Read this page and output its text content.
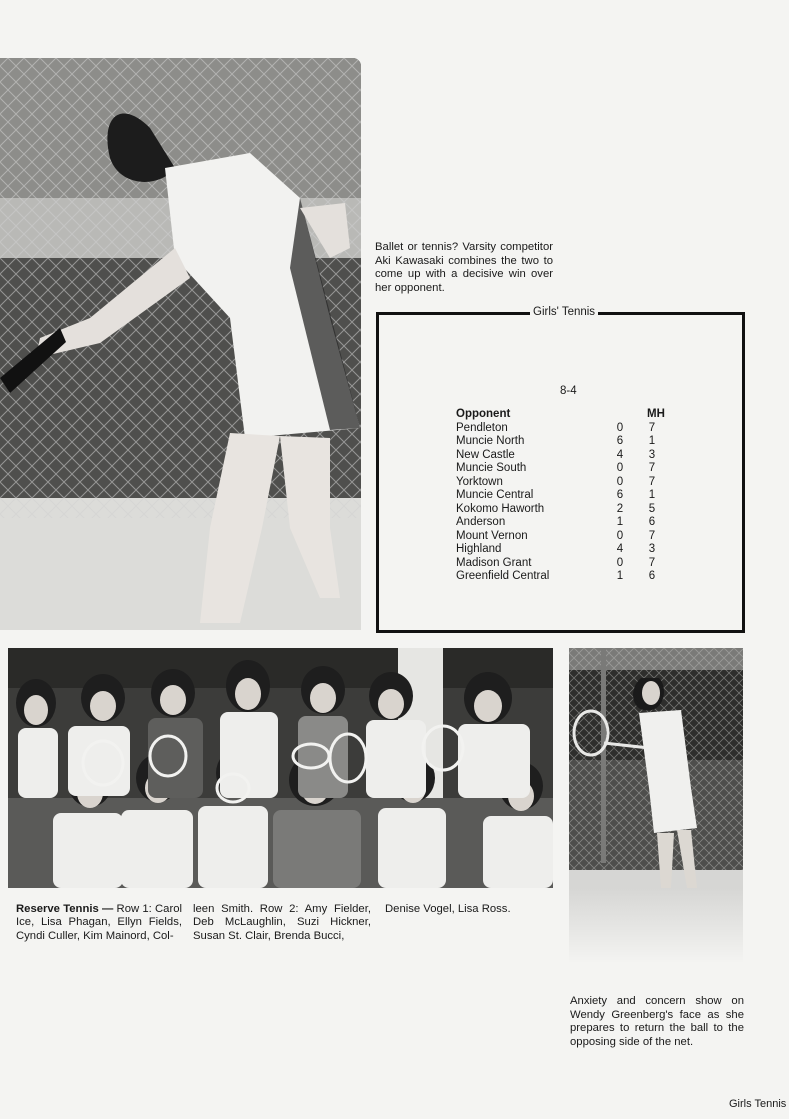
Ballet or tennis? Varsity competitor Aki Kawasaki combines the two to come up with a decisive win over her opponent.

Girls' Tennis
8-4
Opponent	MH
Pendleton	0 7
Muncie North	6 1
New Castle	4 3
Muncie South	0 7
Yorktown	0 7
Muncie Central	6 1
Kokomo Haworth	2 5
Anderson	1 6
Mount Vernon	0 7
Highland	4 3
Madison Grant	0 7
Greenfield Central	1 6
Reserve Tennis — Row 1: Carol Ice, Lisa Phagan, Ellyn Fields, Cyndi Culler, Kim Mainord, Col-
leen Smith. Row 2: Amy Fielder, Deb McLaughlin, Suzi Hickner, Susan St. Clair, Brenda Bucci,
Denise Vogel, Lisa Ross.

Anxiety and concern show on Wendy Greenberg's face as she prepares to return the ball to the opposing side of the net.

Girls Tennis
